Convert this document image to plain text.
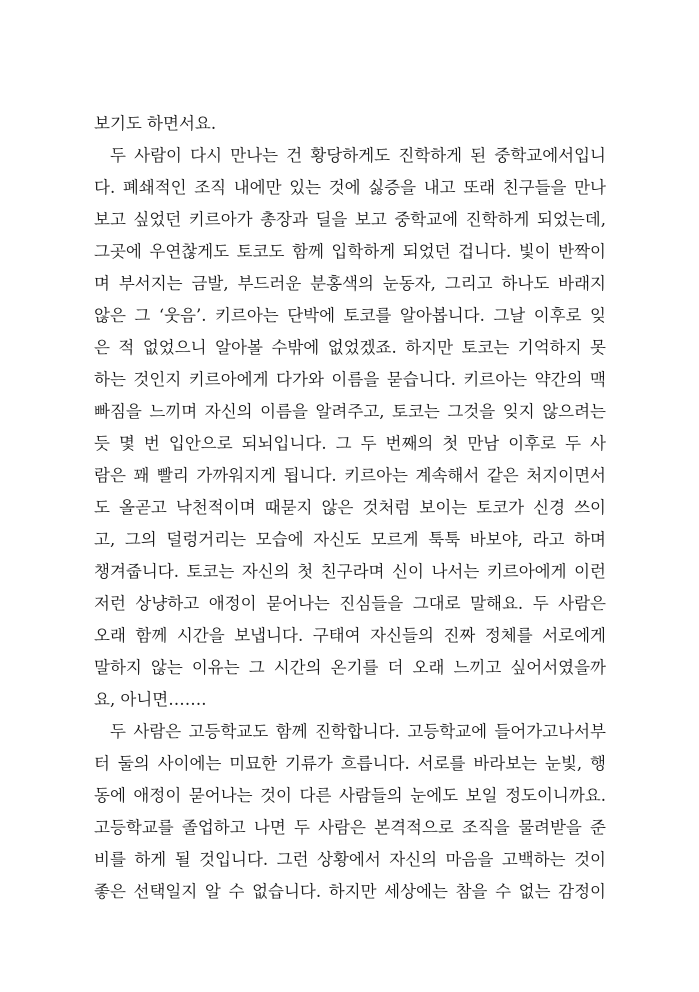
보기도 하면서요.
두 사람이 다시 만나는 건 황당하게도 진학하게 된 중학교에서입니
다. 폐쇄적인 조직 내에만 있는 것에 싫증을 내고 또래 친구들을 만나
보고 싶었던 키르아가 총장과 딜을 보고 중학교에 진학하게 되었는데,
그곳에 우연찮게도 토코도 함께 입학하게 되었던 겁니다. 빛이 반짝이
며 부서지는 금발, 부드러운 분홍색의 눈동자, 그리고 하나도 바래지
않은 그 ‘웃음’. 키르아는 단박에 토코를 알아봅니다. 그날 이후로 잊
은 적 없었으니 알아볼 수밖에 없었겠죠. 하지만 토코는 기억하지 못
하는 것인지 키르아에게 다가와 이름을 묻습니다. 키르아는 약간의 맥
빠짐을 느끼며 자신의 이름을 알려주고, 토코는 그것을 잊지 않으려는
듯 몇 번 입안으로 되뇌입니다. 그 두 번째의 첫 만남 이후로 두 사
람은 꽤 빨리 가까워지게 됩니다. 키르아는 계속해서 같은 처지이면서
도 올곧고 낙천적이며 때묻지 않은 것처럼 보이는 토코가 신경 쓰이
고, 그의 덜렁거리는 모습에 자신도 모르게 툭툭 바보야, 라고 하며
챙겨줍니다. 토코는 자신의 첫 친구라며 신이 나서는 키르아에게 이런
저런 상냥하고 애정이 묻어나는 진심들을 그대로 말해요. 두 사람은
오래 함께 시간을 보냅니다. 구태여 자신들의 진짜 정체를 서로에게
말하지 않는 이유는 그 시간의 온기를 더 오래 느끼고 싶어서였을까
요, 아니면…….
두 사람은 고등학교도 함께 진학합니다. 고등학교에 들어가고나서부
터 둘의 사이에는 미묘한 기류가 흐릅니다. 서로를 바라보는 눈빛, 행
동에 애정이 묻어나는 것이 다른 사람들의 눈에도 보일 정도이니까요.
고등학교를 졸업하고 나면 두 사람은 본격적으로 조직을 물려받을 준
비를 하게 될 것입니다. 그런 상황에서 자신의 마음을 고백하는 것이
좋은 선택일지 알 수 없습니다. 하지만 세상에는 참을 수 없는 감정이
